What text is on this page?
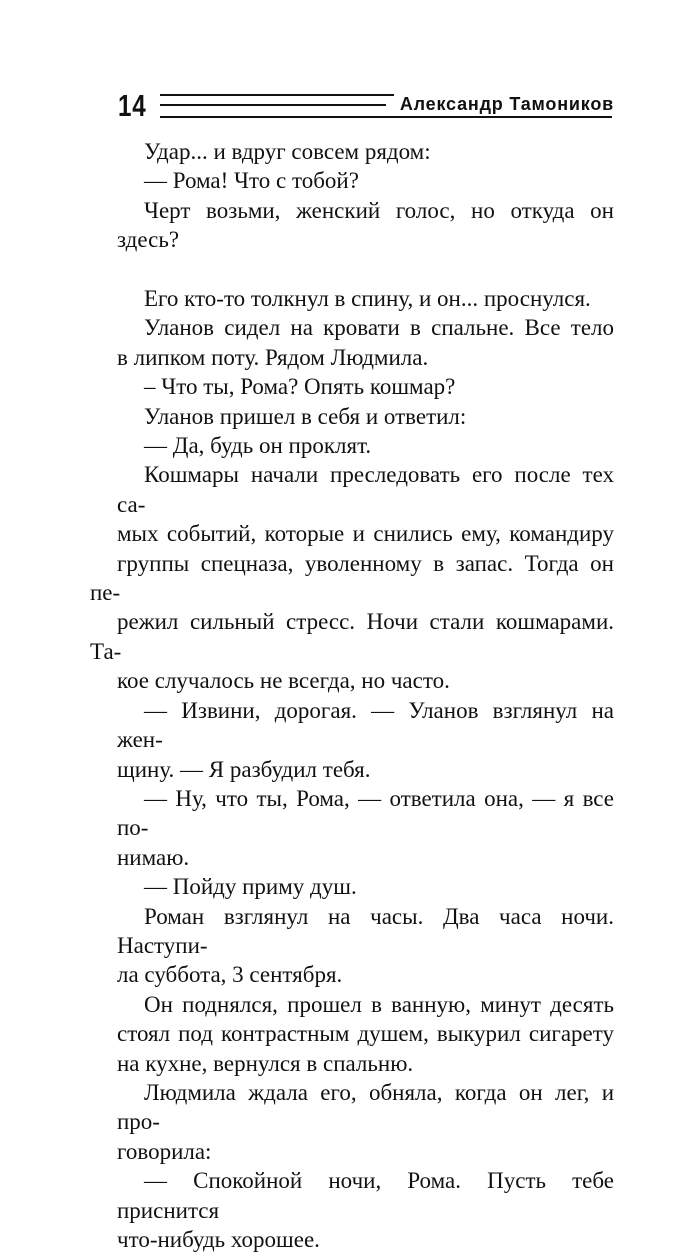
14	Александр Тамоников

Удар... и вдруг совсем рядом:

— Рома! Что с тобой?

Черт возьми, женский голос, но откуда он
здесь?

Его кто-то толкнул в спину, и он... проснулся.

Уланов сидел на кровати в спальне. Все тело
в липком поту. Рядом Людмила.

– Что ты, Рома? Опять кошмар?

Уланов пришел в себя и ответил:

— Да, будь он проклят.

Кошмары начали преследовать его после тех са-
мых событий, которые и снились ему, командиру
группы спецназа, уволенному в запас. Тогда он пе-
режил сильный стресс. Ночи стали кошмарами. Та-
кое случалось не всегда, но часто.

— Извини, дорогая. — Уланов взглянул на жен-
щину. — Я разбудил тебя.

— Ну, что ты, Рома, — ответила она, — я все по-
нимаю.

— Пойду приму душ.

Роман взглянул на часы. Два часа ночи. Наступи-
ла суббота, 3 сентября.

Он поднялся, прошел в ванную, минут десять
стоял под контрастным душем, выкурил сигарету
на кухне, вернулся в спальню.

Людмила ждала его, обняла, когда он лег, и про-
говорила:

— Спокойной ночи, Рома. Пусть тебе приснится
что-нибудь хорошее.
